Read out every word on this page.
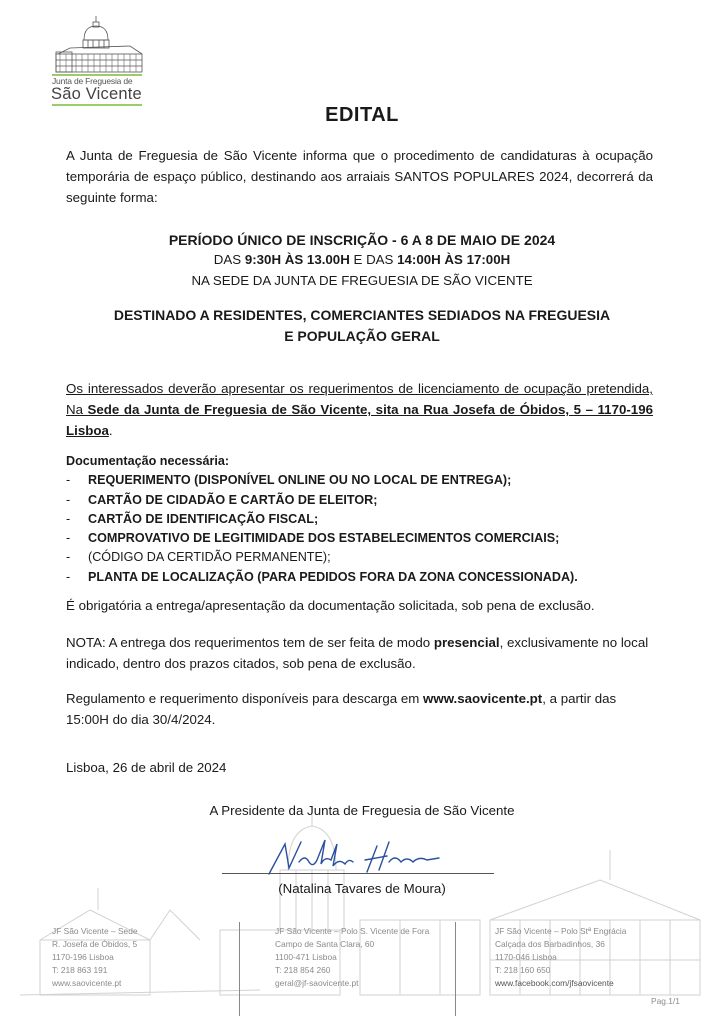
Junta de Freguesia de
São Vicente
EDITAL
A Junta de Freguesia de São Vicente informa que o procedimento de candidaturas à ocupação temporária de espaço público, destinando aos arraiais SANTOS POPULARES 2024, decorrerá da seguinte forma:
PERÍODO ÚNICO DE INSCRIÇÃO - 6 A 8 DE MAIO DE 2024
DAS 9:30H ÀS 13.00H E DAS 14:00H ÀS 17:00H
NA SEDE DA JUNTA DE FREGUESIA DE SÃO VICENTE
DESTINADO A RESIDENTES, COMERCIANTES SEDIADOS NA FREGUESIA
E POPULAÇÃO GERAL
Os interessados deverão apresentar os requerimentos de licenciamento de ocupação pretendida, Na Sede da Junta de Freguesia de São Vicente, sita na Rua Josefa de Óbidos, 5 – 1170-196 Lisboa.
Documentação necessária:
- REQUERIMENTO (DISPONÍVEL ONLINE OU NO LOCAL DE ENTREGA);
- CARTÃO DE CIDADÃO E CARTÃO DE ELEITOR;
- CARTÃO DE IDENTIFICAÇÃO FISCAL;
- COMPROVATIVO DE LEGITIMIDADE DOS ESTABELECIMENTOS COMERCIAIS;
- (CÓDIGO DA CERTIDÃO PERMANENTE);
- PLANTA DE LOCALIZAÇÃO (PARA PEDIDOS FORA DA ZONA CONCESSIONADA).
É obrigatória a entrega/apresentação da documentação solicitada, sob pena de exclusão.
NOTA: A entrega dos requerimentos tem de ser feita de modo presencial, exclusivamente no local indicado, dentro dos prazos citados, sob pena de exclusão.
Regulamento e requerimento disponíveis para descarga em www.saovicente.pt, a partir das 15:00H do dia 30/4/2024.
Lisboa, 26 de abril de 2024
A Presidente da Junta de Freguesia de São Vicente
(Natalina Tavares de Moura)
JF São Vicente – Sede
R. Josefa de Óbidos, 5
1170-196 Lisboa
T: 218 863 191
www.saovicente.pt
JF São Vicente – Polo S. Vicente de Fora
Campo de Santa Clara, 60
1100-471 Lisboa
T: 218 854 260
geral@jf-saovicente.pt
JF São Vicente – Polo Stª Engrácia
Calçada dos Barbadinhos, 36
1170-046 Lisboa
T: 218 160 650
www.facebook.com/jfsaovicente
Pag.1/1
